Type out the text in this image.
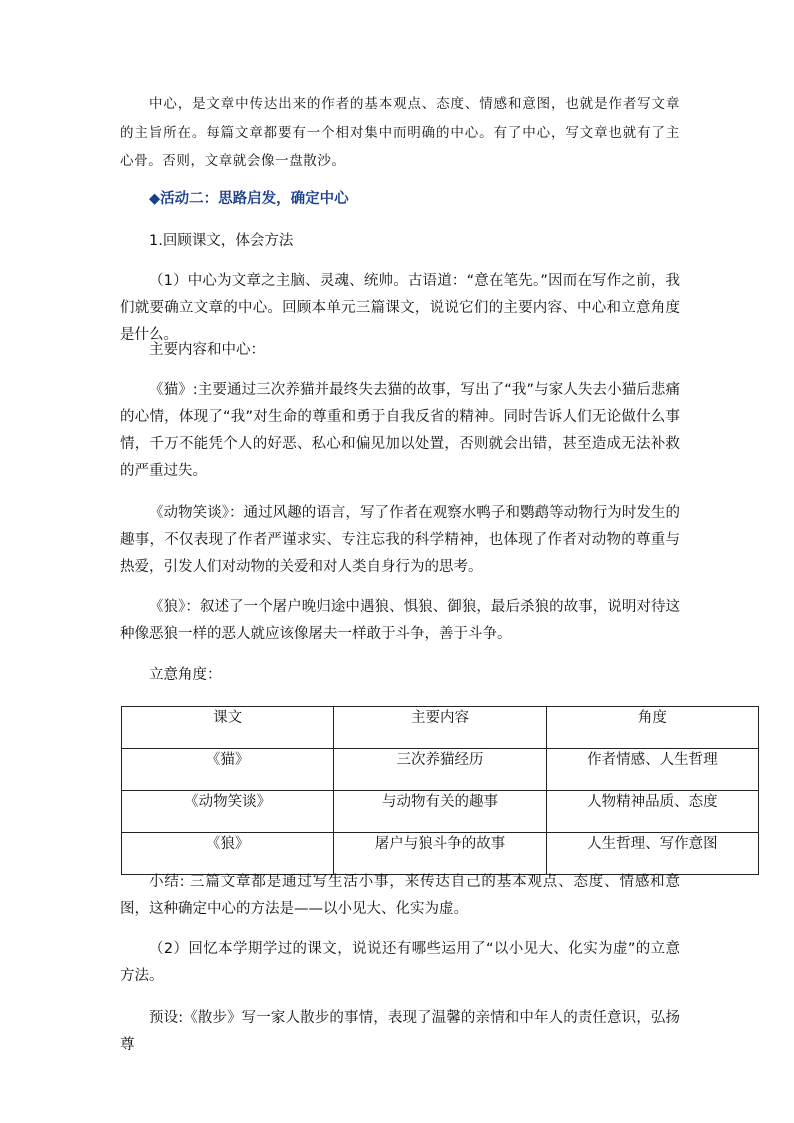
中心，是文章中传达出来的作者的基本观点、态度、情感和意图，也就是作者写文章的主旨所在。每篇文章都要有一个相对集中而明确的中心。有了中心，写文章也就有了主心骨。否则，文章就会像一盘散沙。

◆活动二：思路启发，确定中心

1.回顾课文，体会方法

（1）中心为文章之主脑、灵魂、统帅。古语道：“意在笔先。”因而在写作之前，我们就要确立文章的中心。回顾本单元三篇课文，说说它们的主要内容、中心和立意角度是什么。

主要内容和中心：

《猫》:主要通过三次养猫并最终失去猫的故事，写出了“我”与家人失去小猫后悲痛的心情，体现了“我”对生命的尊重和勇于自我反省的精神。同时告诉人们无论做什么事情，千万不能凭个人的好恶、私心和偏见加以处置，否则就会出错，甚至造成无法补救的严重过失。

《动物笑谈》：通过风趣的语言，写了作者在观察水鸭子和鹦鹉等动物行为时发生的趣事，不仅表现了作者严谨求实、专注忘我的科学精神，也体现了作者对动物的尊重与热爱，引发人们对动物的关爱和对人类自身行为的思考。

《狼》：叙述了一个屠户晚归途中遇狼、惧狼、御狼，最后杀狼的故事，说明对待这种像恶狼一样的恶人就应该像屠夫一样敢于斗争，善于斗争。

立意角度：

课文	主要内容	角度
《猫》	三次养猫经历	作者情感、人生哲理
《动物笑谈》	与动物有关的趣事	人物精神品质、态度
《狼》	屠户与狼斗争的故事	人生哲理、写作意图

小结: 三篇文章都是通过写生活小事，来传达自己的基本观点、态度、情感和意图，这种确定中心的方法是——以小见大、化实为虚。

（2）回忆本学期学过的课文，说说还有哪些运用了“以小见大、化实为虚”的立意方法。

预设:《散步》写一家人散步的事情，表现了温馨的亲情和中年人的责任意识，弘扬尊
